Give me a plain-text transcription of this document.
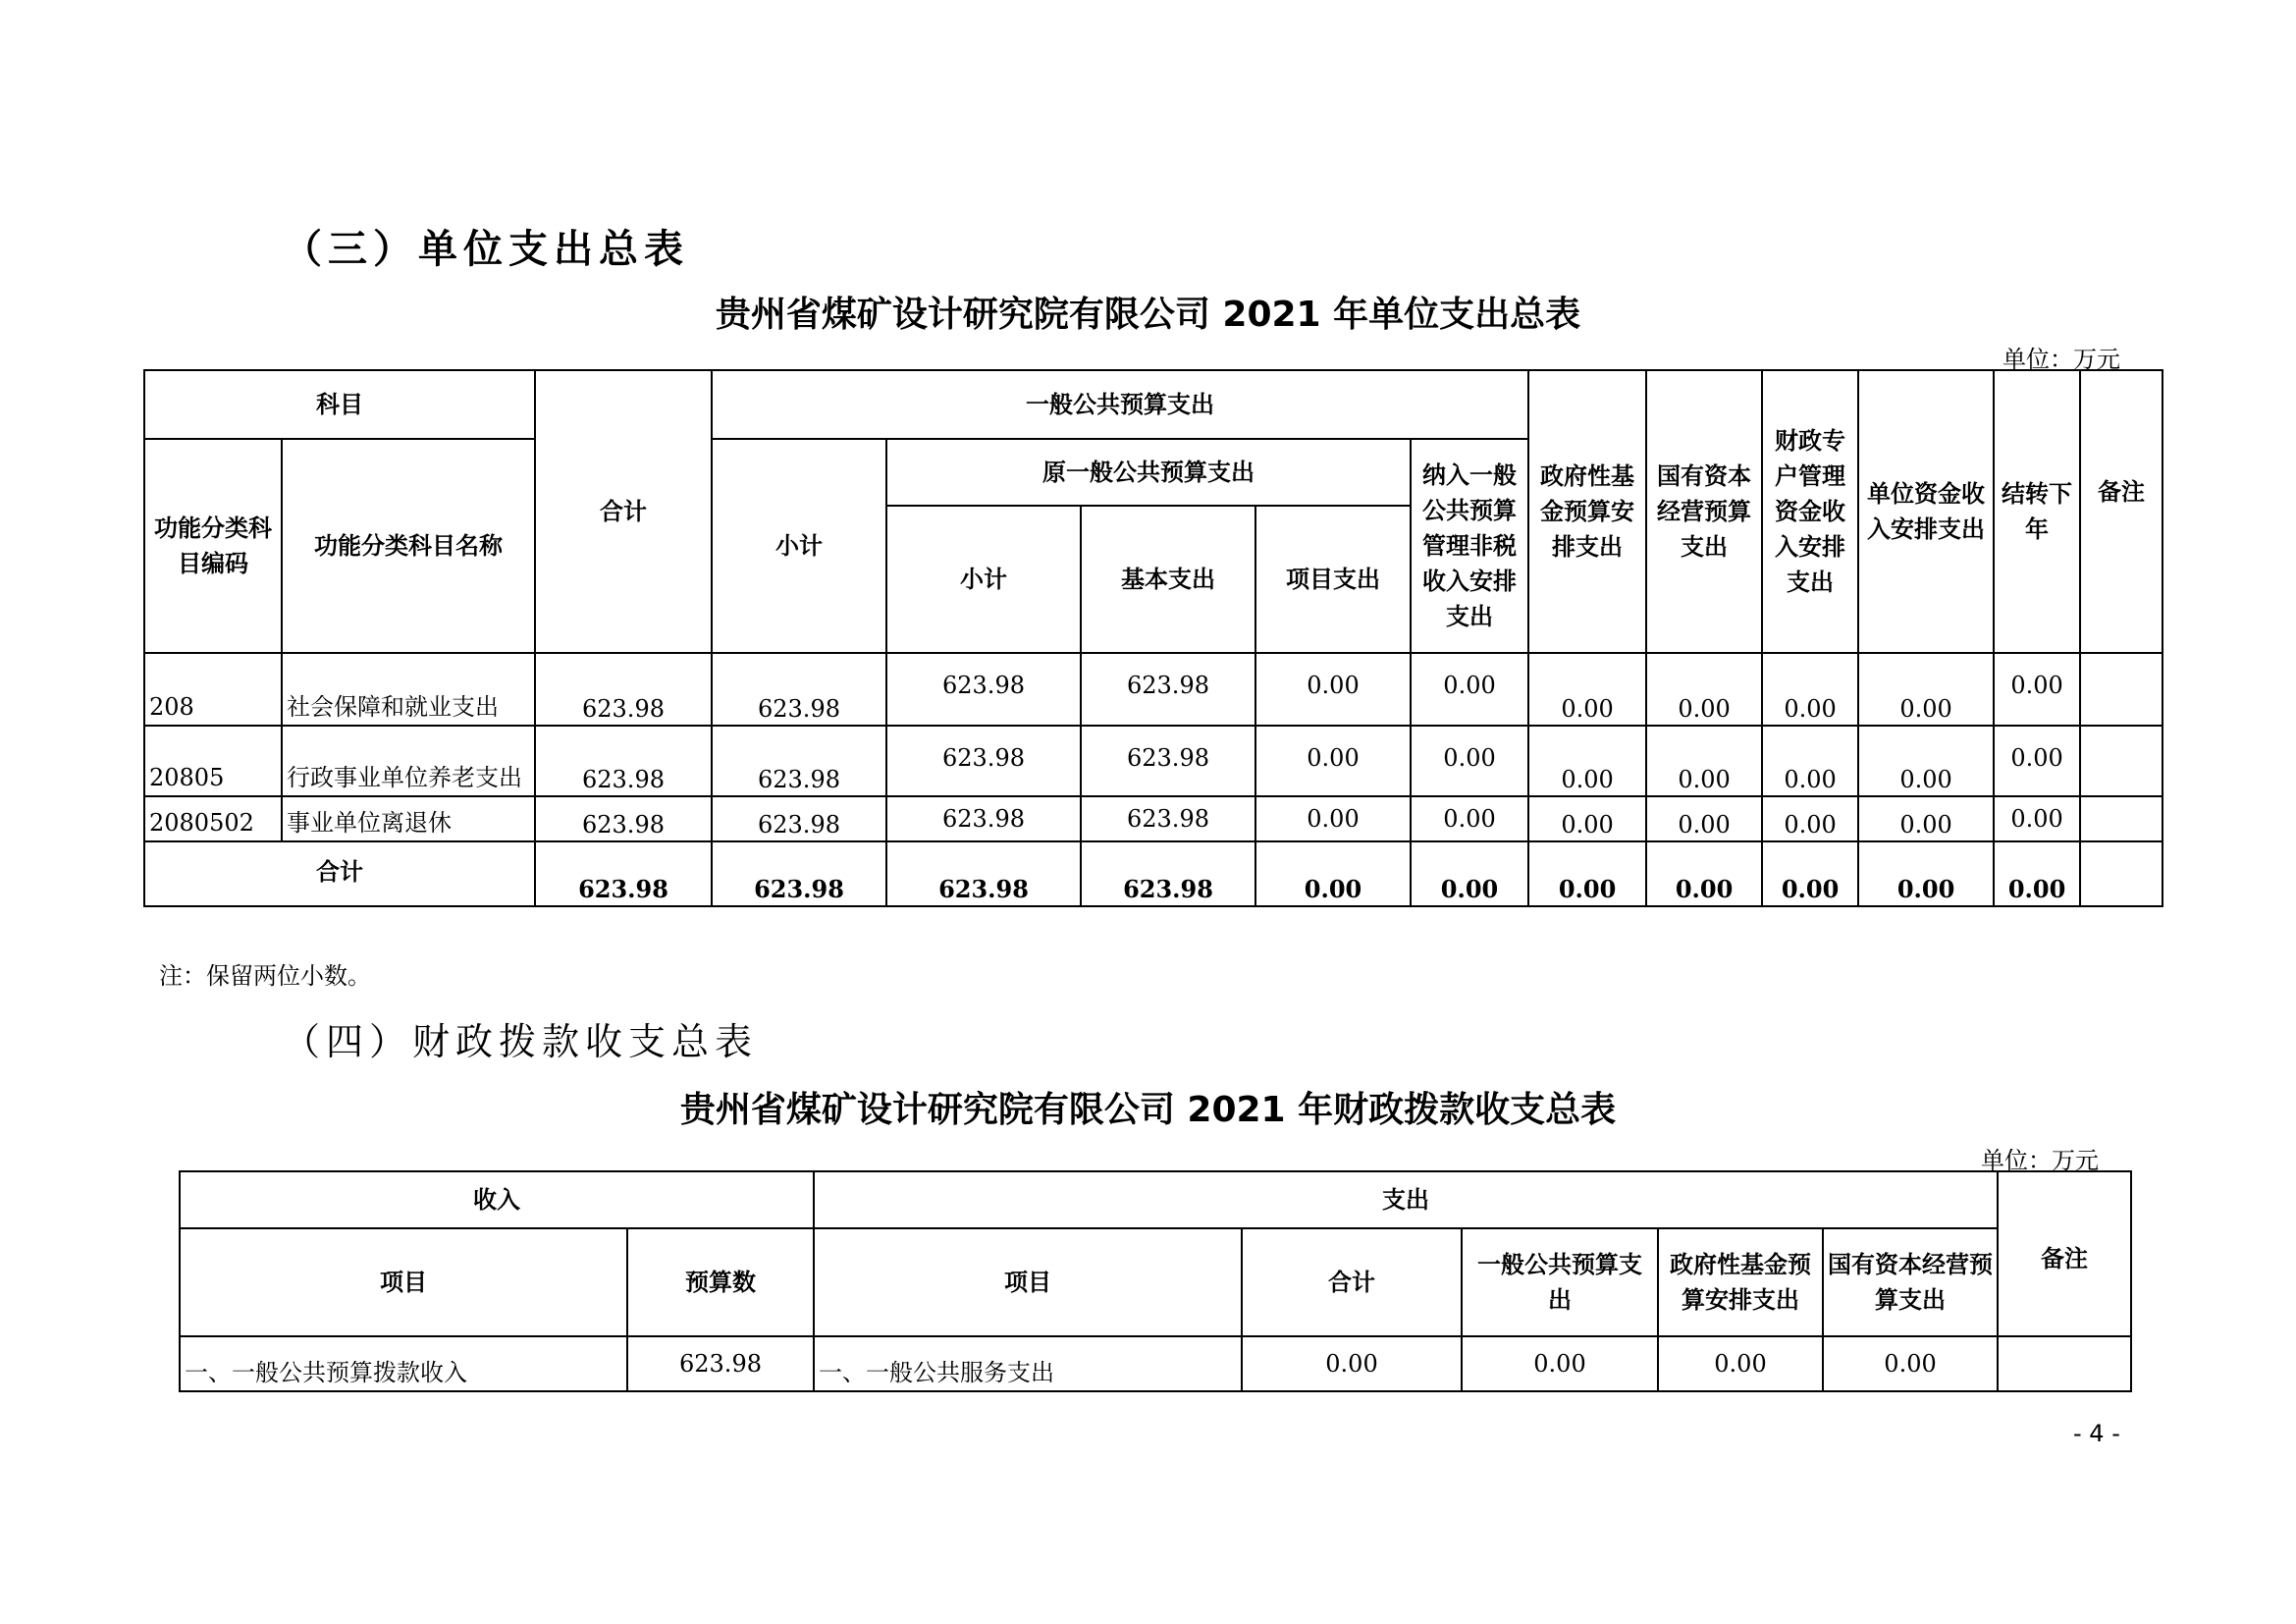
（三）单位支出总表
贵州省煤矿设计研究院有限公司 2021 年单位支出总表
单位：万元
科目		合计	一般公共预算支出					政府性基金预算安排支出	国有资本经营预算支出	财政专户管理资金收入安排支出	单位资金收入安排支出	结转下年	备注
功能分类科目编码	功能分类科目名称		小计	原一般公共预算支出			纳入一般公共预算管理非税收入安排支出						
				小计	基本支出	项目支出							
208	社会保障和就业支出	623.98	623.98	623.98	623.98	0.00	0.00	0.00	0.00	0.00	0.00	0.00	
20805	行政事业单位养老支出	623.98	623.98	623.98	623.98	0.00	0.00	0.00	0.00	0.00	0.00	0.00	
2080502	事业单位离退休	623.98	623.98	623.98	623.98	0.00	0.00	0.00	0.00	0.00	0.00	0.00	
合计		623.98	623.98	623.98	623.98	0.00	0.00	0.00	0.00	0.00	0.00	0.00	
注：保留两位小数。
（四）财政拨款收支总表
贵州省煤矿设计研究院有限公司 2021 年财政拨款收支总表
单位：万元
收入		支出					备注
项目	预算数	项目	合计	一般公共预算支出	政府性基金预算安排支出	国有资本经营预算支出	
一、一般公共预算拨款收入	623.98	一、一般公共服务支出	0.00	0.00	0.00	0.00	
- 4 -
